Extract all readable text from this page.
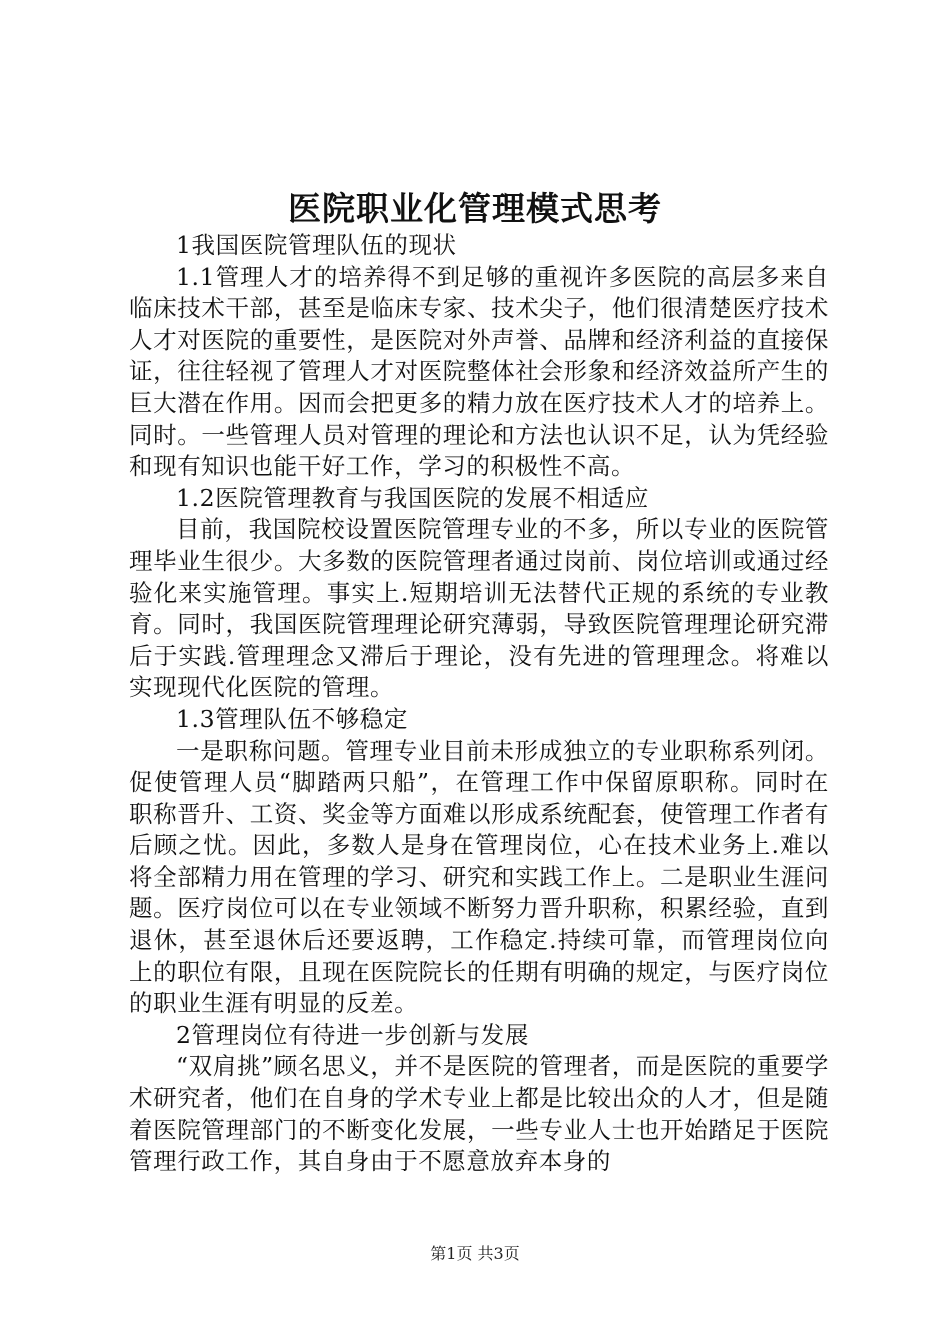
医院职业化管理模式思考

1我国医院管理队伍的现状

1.1管理人才的培养得不到足够的重视许多医院的高层多来自临床技术干部，甚至是临床专家、技术尖子，他们很清楚医疗技术人才对医院的重要性，是医院对外声誉、品牌和经济利益的直接保证，往往轻视了管理人才对医院整体社会形象和经济效益所产生的巨大潜在作用。因而会把更多的精力放在医疗技术人才的培养上。同时。一些管理人员对管理的理论和方法也认识不足，认为凭经验和现有知识也能干好工作，学习的积极性不高。

1.2医院管理教育与我国医院的发展不相适应

目前，我国院校设置医院管理专业的不多，所以专业的医院管理毕业生很少。大多数的医院管理者通过岗前、岗位培训或通过经验化来实施管理。事实上.短期培训无法替代正规的系统的专业教育。同时，我国医院管理理论研究薄弱，导致医院管理理论研究滞后于实践.管理理念又滞后于理论，没有先进的管理理念。将难以实现现代化医院的管理。

1.3管理队伍不够稳定

一是职称问题。管理专业目前未形成独立的专业职称系列闭。促使管理人员“脚踏两只船”，在管理工作中保留原职称。同时在职称晋升、工资、奖金等方面难以形成系统配套，使管理工作者有后顾之忧。因此，多数人是身在管理岗位，心在技术业务上.难以将全部精力用在管理的学习、研究和实践工作上。二是职业生涯问题。医疗岗位可以在专业领域不断努力晋升职称，积累经验，直到退休，甚至退休后还要返聘，工作稳定.持续可靠，而管理岗位向上的职位有限，且现在医院院长的任期有明确的规定，与医疗岗位的职业生涯有明显的反差。

2管理岗位有待进一步创新与发展

“双肩挑”顾名思义，并不是医院的管理者，而是医院的重要学术研究者，他们在自身的学术专业上都是比较出众的人才，但是随着医院管理部门的不断变化发展，一些专业人士也开始踏足于医院管理行政工作，其自身由于不愿意放弃本身的

第1页 共3页
